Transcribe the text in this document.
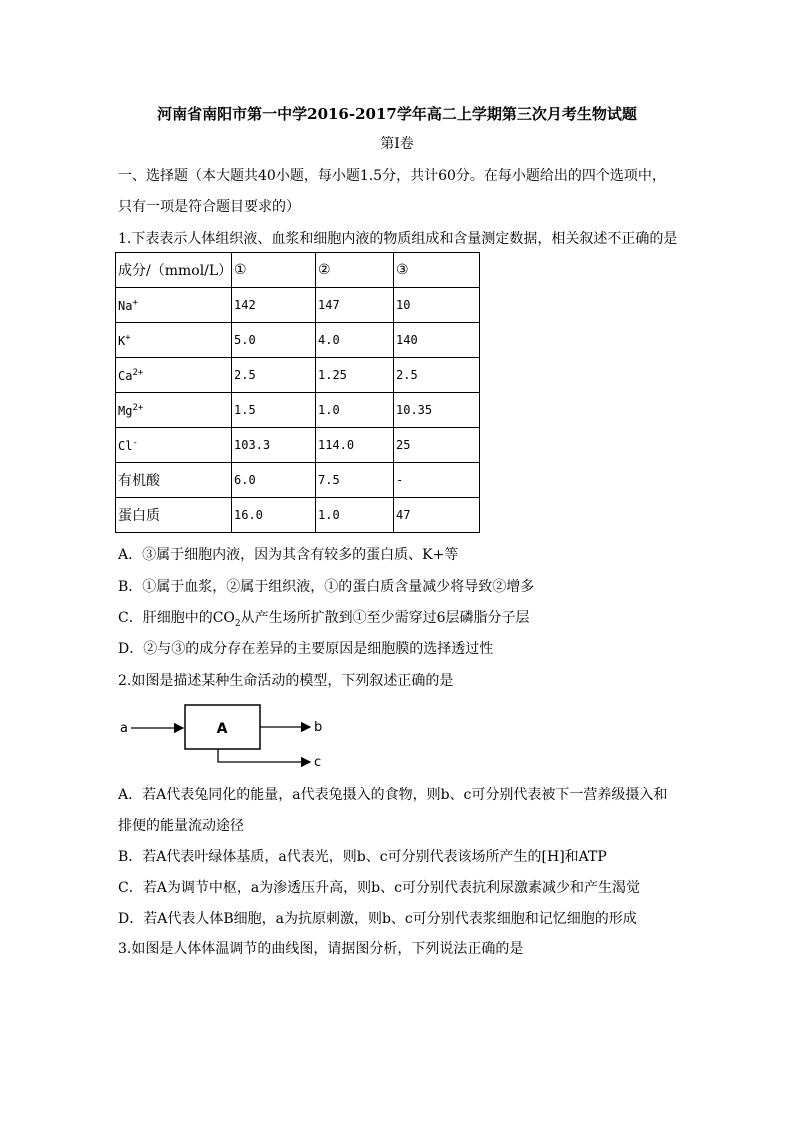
河南省南阳市第一中学2016-2017学年高二上学期第三次月考生物试题
第Ⅰ卷
一、选择题（本大题共40小题，每小题1.5分，共计60分。在每小题给出的四个选项中，
只有一项是符合题目要求的）
1.下表表示人体组织液、血浆和细胞内液的物质组成和含量测定数据，相关叙述不正确的是
成分/（mmol/L）	①	②	③
Na+	142	147	10
K+	5.0	4.0	140
$Ca^{2+}$	2.5	1.25	2.5
$Mg^{2+}$	1.5	1.0	10.35
Cl-	103.3	114.0	25
有机酸	6.0	7.5	-
蛋白质	16.0	1.0	47
A．③属于细胞内液，因为其含有较多的蛋白质、K+等
B．①属于血浆，②属于组织液，①的蛋白质含量减少将导致②增多
C．肝细胞中的$CO_2$从产生场所扩散到①至少需穿过6层磷脂分子层
D．②与③的成分存在差异的主要原因是细胞膜的选择透过性
2.如图是描述某种生命活动的模型，下列叙述正确的是
a	A	b
c
A．若A代表兔同化的能量，a代表兔摄入的食物，则b、c可分别代表被下一营养级摄入和
排便的能量流动途径
B．若A代表叶绿体基质，a代表光，则b、c可分别代表该场所产生的[H]和ATP
C．若A为调节中枢，a为渗透压升高，则b、c可分别代表抗利尿激素减少和产生渴觉
D．若A代表人体B细胞，a为抗原刺激，则b、c可分别代表浆细胞和记忆细胞的形成
3.如图是人体体温调节的曲线图，请据图分析，下列说法正确的是
